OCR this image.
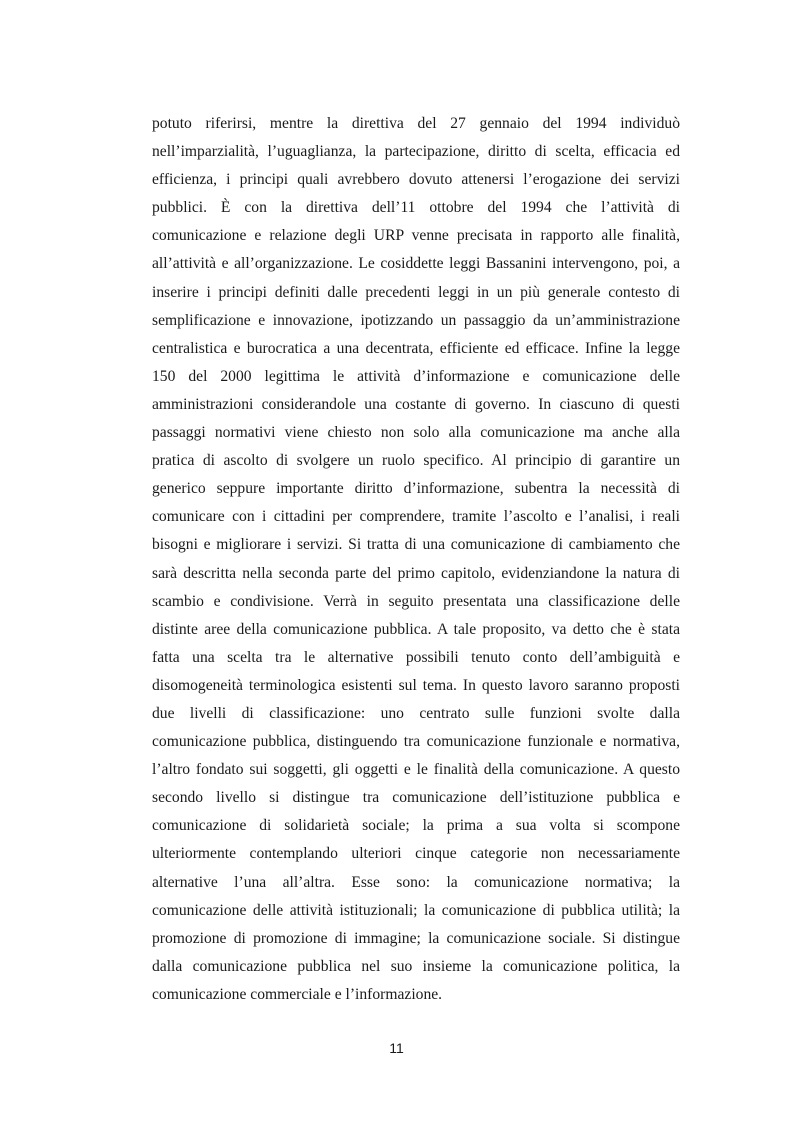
potuto riferirsi, mentre la direttiva del 27 gennaio del 1994 individuò
nell’imparzialità, l’uguaglianza, la partecipazione, diritto di scelta, efficacia ed
efficienza, i principi quali avrebbero dovuto attenersi l’erogazione dei servizi
pubblici. È con la direttiva dell’11 ottobre del 1994 che l’attività di
comunicazione e relazione degli URP venne precisata in rapporto alle finalità,
all’attività e all’organizzazione. Le cosiddette leggi Bassanini intervengono, poi, a
inserire i principi definiti dalle precedenti leggi in un più generale contesto di
semplificazione e innovazione, ipotizzando un passaggio da un’amministrazione
centralistica e burocratica a una decentrata, efficiente ed efficace. Infine la legge
150 del 2000 legittima le attività d’informazione e comunicazione delle
amministrazioni considerandole una costante di governo. In ciascuno di questi
passaggi normativi viene chiesto non solo alla comunicazione ma anche alla
pratica di ascolto di svolgere un ruolo specifico. Al principio di garantire un
generico seppure importante diritto d’informazione, subentra la necessità di
comunicare con i cittadini per comprendere, tramite l’ascolto e l’analisi, i reali
bisogni e migliorare i servizi. Si tratta di una comunicazione di cambiamento che
sarà descritta nella seconda parte del primo capitolo, evidenziandone la natura di
scambio e condivisione. Verrà in seguito presentata una classificazione delle
distinte aree della comunicazione pubblica. A tale proposito, va detto che è stata
fatta una scelta tra le alternative possibili tenuto conto dell’ambiguità e
disomogeneità terminologica esistenti sul tema. In questo lavoro saranno proposti
due livelli di classificazione: uno centrato sulle funzioni svolte dalla
comunicazione pubblica, distinguendo tra comunicazione funzionale e normativa,
l’altro fondato sui soggetti, gli oggetti e le finalità della comunicazione. A questo
secondo livello si distingue tra comunicazione dell’istituzione pubblica e
comunicazione di solidarietà sociale; la prima a sua volta si scompone
ulteriormente contemplando ulteriori cinque categorie non necessariamente
alternative l’una all’altra. Esse sono: la comunicazione normativa; la
comunicazione delle attività istituzionali; la comunicazione di pubblica utilità; la
promozione di promozione di immagine; la comunicazione sociale. Si distingue
dalla comunicazione pubblica nel suo insieme la comunicazione politica, la
comunicazione commerciale e l’informazione.
11
